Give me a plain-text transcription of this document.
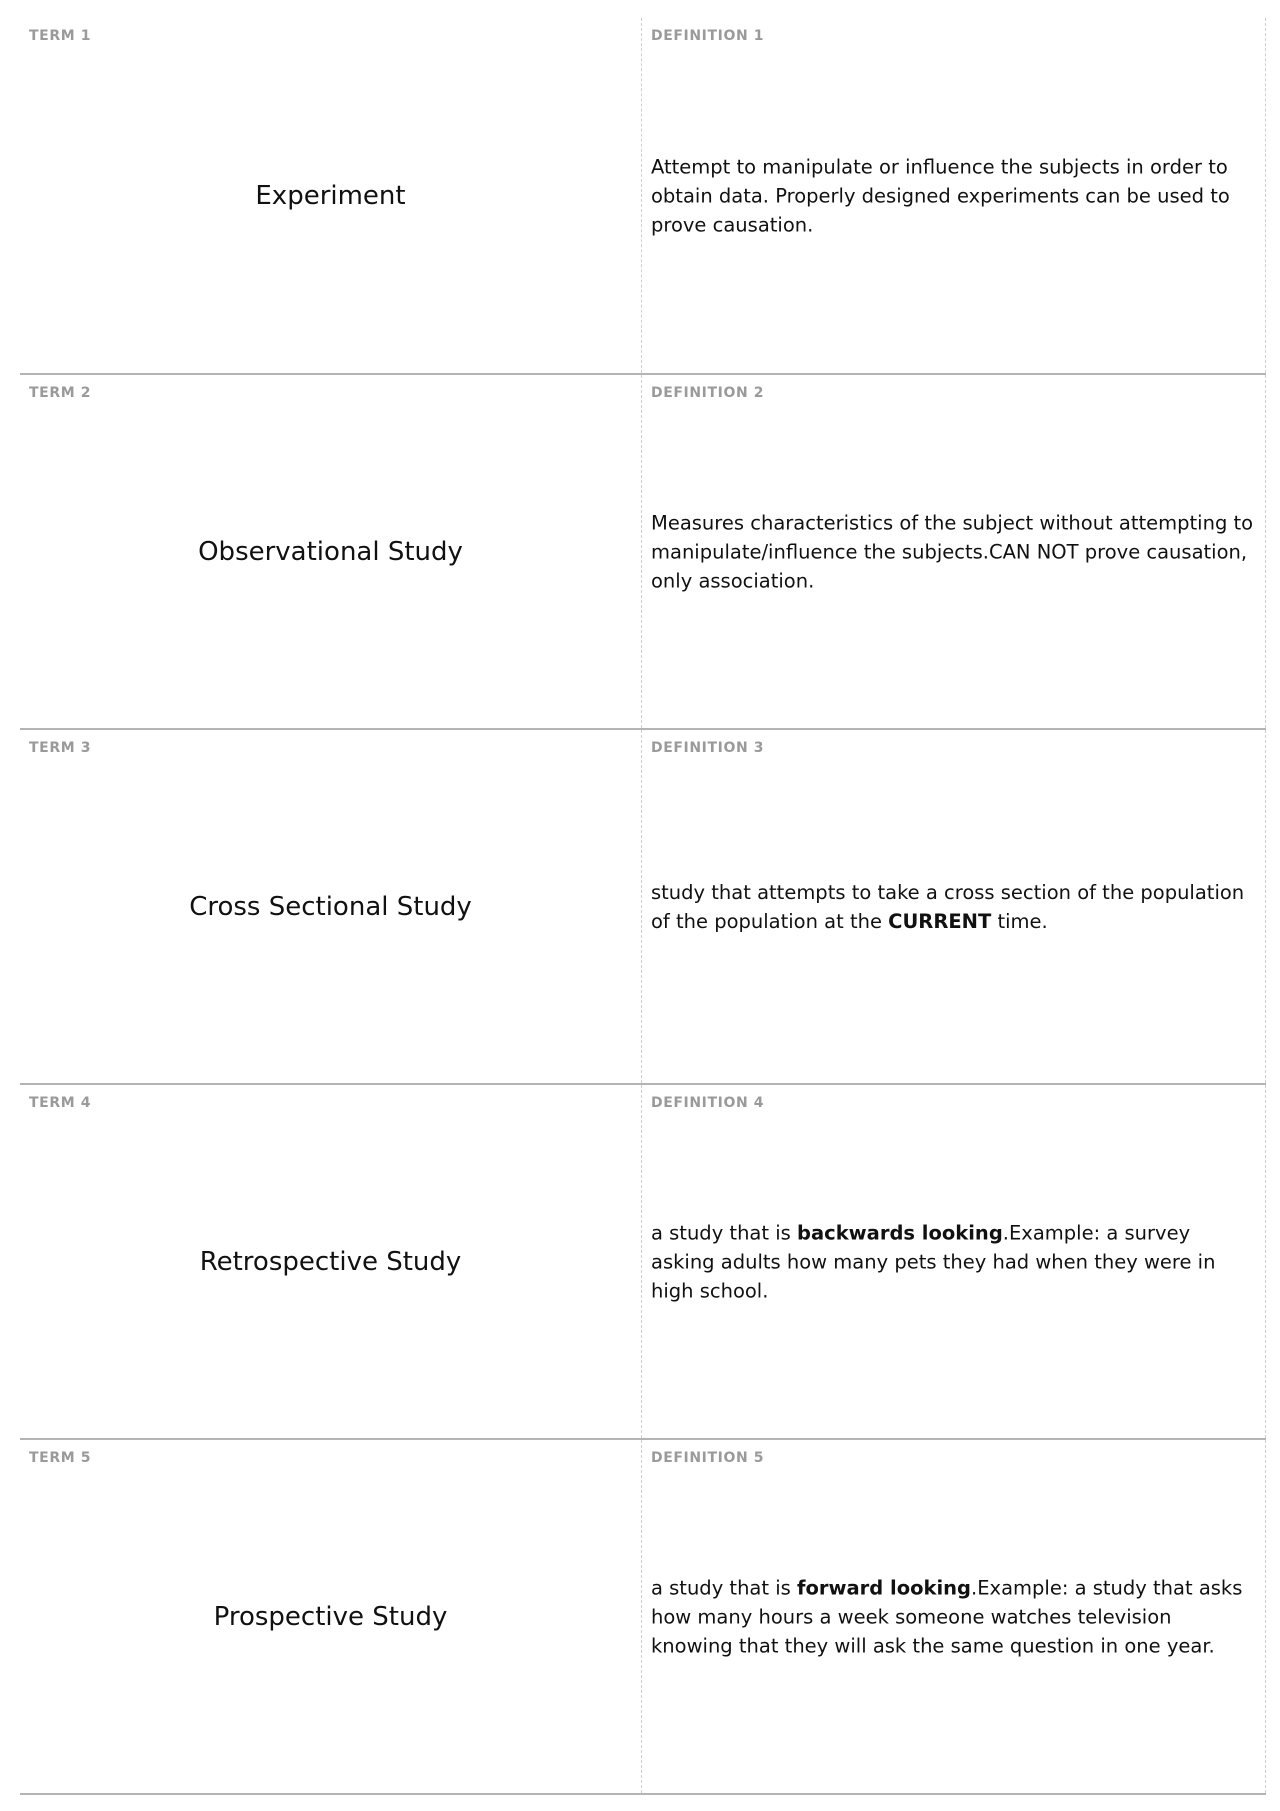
TERM 1
Experiment
DEFINITION 1
Attempt to manipulate or influence the subjects in order to obtain data. Properly designed experiments can be used to prove causation.
TERM 2
Observational Study
DEFINITION 2
Measures characteristics of the subject without attempting to manipulate/influence the subjects.CAN NOT prove causation, only association.
TERM 3
Cross Sectional Study
DEFINITION 3
study that attempts to take a cross section of the population of the population at the CURRENT time.
TERM 4
Retrospective Study
DEFINITION 4
a study that is backwards looking.Example: a survey asking adults how many pets they had when they were in high school.
TERM 5
Prospective Study
DEFINITION 5
a study that is forward looking.Example: a study that asks how many hours a week someone watches television knowing that they will ask the same question in one year.
